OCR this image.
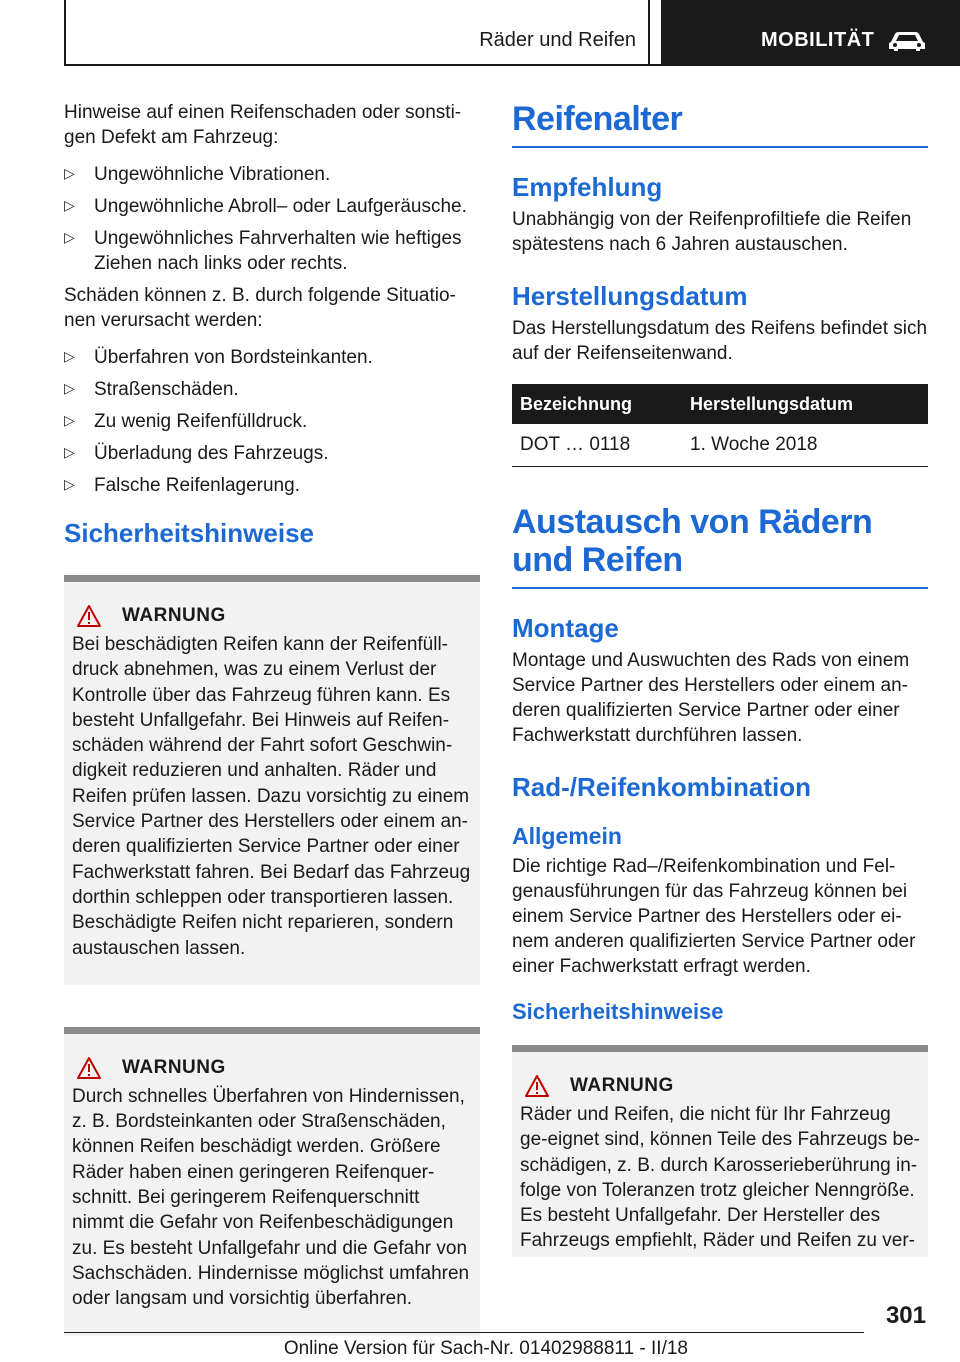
Räder und Reifen	MOBILITÄT

Hinweise auf einen Reifenschaden oder sonsti-gen Defekt am Fahrzeug:

▷ Ungewöhnliche Vibrationen.
▷ Ungewöhnliche Abroll– oder Laufgeräusche.
▷ Ungewöhnliches Fahrverhalten wie heftiges Ziehen nach links oder rechts.

Schäden können z. B. durch folgende Situatio-nen verursacht werden:

▷ Überfahren von Bordsteinkanten.
▷ Straßenschäden.
▷ Zu wenig Reifenfülldruck.
▷ Überladung des Fahrzeugs.
▷ Falsche Reifenlagerung.
Sicherheitshinweise
WARNUNG

Bei beschädigten Reifen kann der Reifenfüll-druck abnehmen, was zu einem Verlust der Kontrolle über das Fahrzeug führen kann. Es besteht Unfallgefahr. Bei Hinweis auf Reifen-schäden während der Fahrt sofort Geschwin-digkeit reduzieren und anhalten. Räder und Reifen prüfen lassen. Dazu vorsichtig zu einem Service Partner des Herstellers oder einem an-deren qualifizierten Service Partner oder einer Fachwerkstatt fahren. Bei Bedarf das Fahrzeug dorthin schleppen oder transportieren lassen. Beschädigte Reifen nicht reparieren, sondern austauschen lassen.

WARNUNG

Durch schnelles Überfahren von Hindernissen, z. B. Bordsteinkanten oder Straßenschäden, können Reifen beschädigt werden. Größere Räder haben einen geringeren Reifenquer-schnitt. Bei geringerem Reifenquerschnitt nimmt die Gefahr von Reifenbeschädigungen zu. Es besteht Unfallgefahr und die Gefahr von Sachschäden. Hindernisse möglichst umfahren oder langsam und vorsichtig überfahren.

Reifenalter
Empfehlung

Unabhängig von der Reifenprofiltiefe die Reifen spätestens nach 6 Jahren austauschen.

Herstellungsdatum

Das Herstellungsdatum des Reifens befindet sich auf der Reifenseitenwand.

Bezeichnung	Herstellungsdatum
DOT … 0118	1. Woche 2018
Austausch von Rädern und Reifen
Montage

Montage und Auswuchten des Rads von einem Service Partner des Herstellers oder einem an-deren qualifizierten Service Partner oder einer Fachwerkstatt durchführen lassen.

Rad-/Reifenkombination
Allgemein

Die richtige Rad–/Reifenkombination und Fel-genausführungen für das Fahrzeug können bei einem Service Partner des Herstellers oder ei-nem anderen qualifizierten Service Partner oder einer Fachwerkstatt erfragt werden.

Sicherheitshinweise
WARNUNG

Räder und Reifen, die nicht für Ihr Fahrzeug ge-eignet sind, können Teile des Fahrzeugs be-schädigen, z. B. durch Karosserieberührung in-folge von Toleranzen trotz gleicher Nenngröße. Es besteht Unfallgefahr. Der Hersteller des Fahrzeugs empfiehlt, Räder und Reifen zu ver-

301
Online Version für Sach-Nr. 01402988811 - II/18
